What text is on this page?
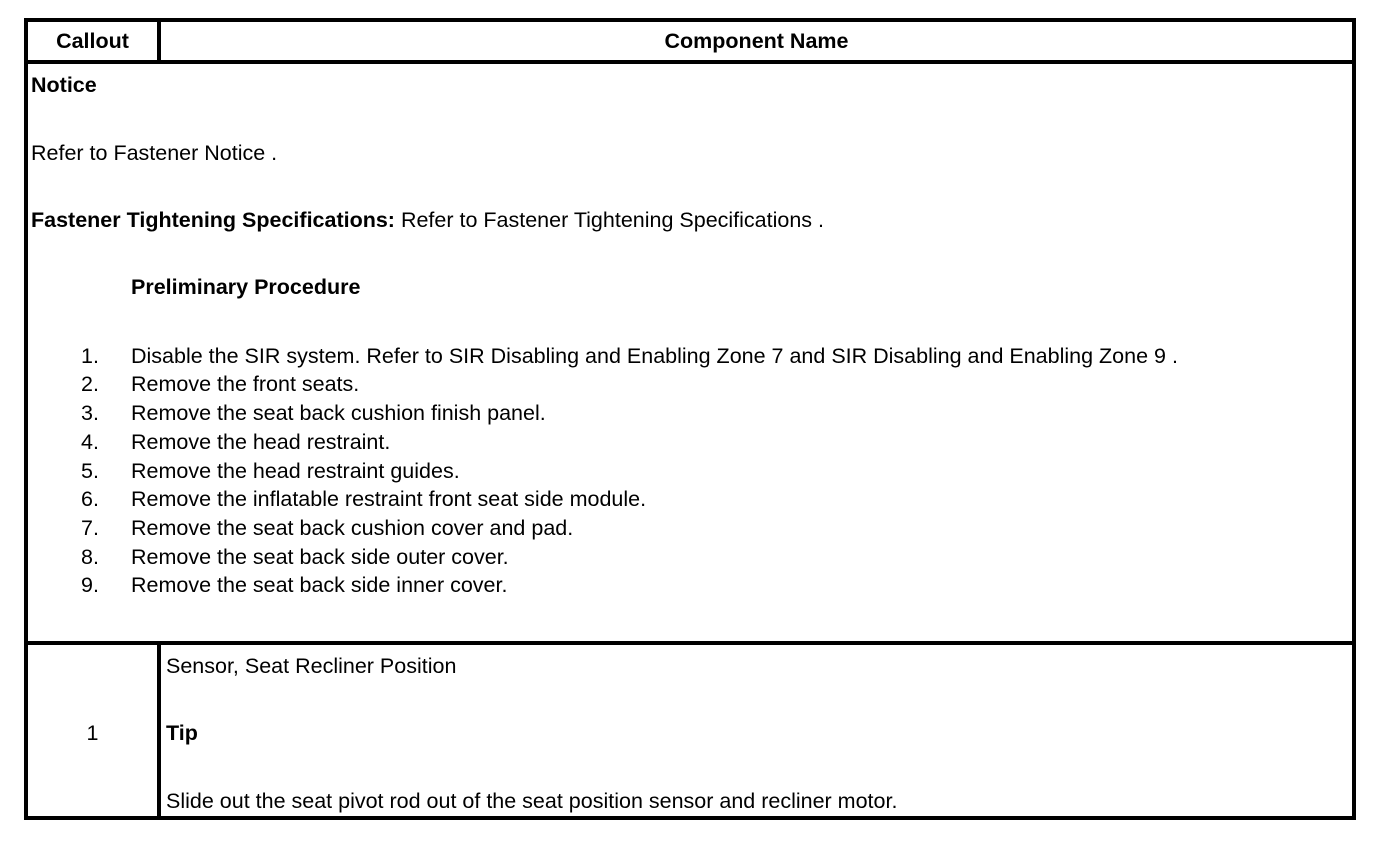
Callout	Component Name
Notice
Refer to Fastener Notice .
Fastener Tightening Specifications: Refer to Fastener Tightening Specifications .
Preliminary Procedure
1. Disable the SIR system. Refer to SIR Disabling and Enabling Zone 7 and SIR Disabling and Enabling Zone 9 .
2. Remove the front seats.
3. Remove the seat back cushion finish panel.
4. Remove the head restraint.
5. Remove the head restraint guides.
6. Remove the inflatable restraint front seat side module.
7. Remove the seat back cushion cover and pad.
8. Remove the seat back side outer cover.
9. Remove the seat back side inner cover.
1
Sensor, Seat Recliner Position
Tip
Slide out the seat pivot rod out of the seat position sensor and recliner motor.
